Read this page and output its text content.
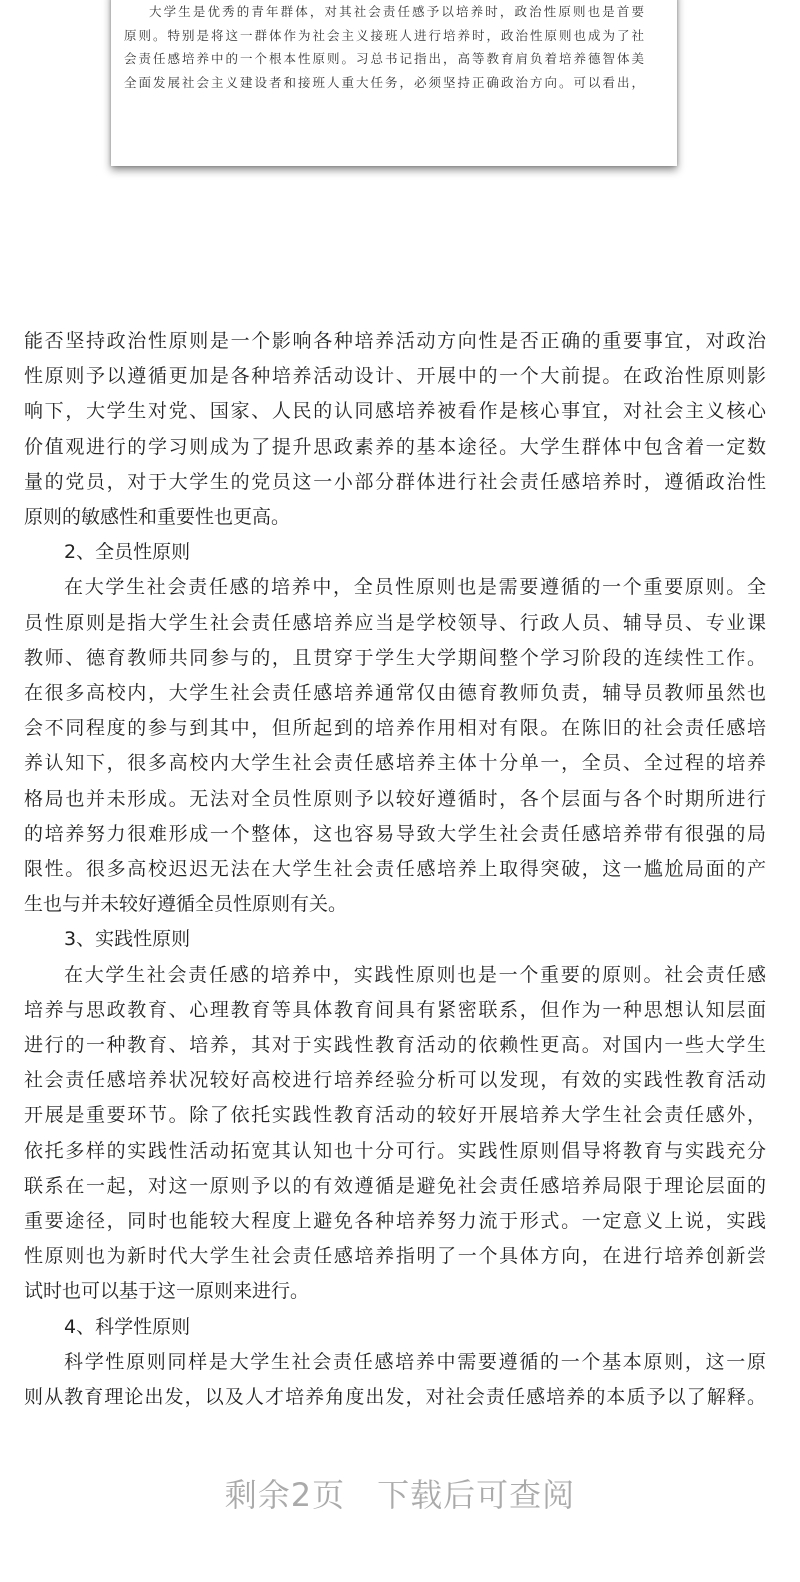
大学生是优秀的青年群体，对其社会责任感予以培养时，政治性原则也是首要
原则。特别是将这一群体作为社会主义接班人进行培养时，政治性原则也成为了社
会责任感培养中的一个根本性原则。习总书记指出，高等教育肩负着培养德智体美
全面发展社会主义建设者和接班人重大任务，必须坚持正确政治方向。可以看出，
能否坚持政治性原则是一个影响各种培养活动方向性是否正确的重要事宜，对政治
性原则予以遵循更加是各种培养活动设计、开展中的一个大前提。在政治性原则影
响下，大学生对党、国家、人民的认同感培养被看作是核心事宜，对社会主义核心
价值观进行的学习则成为了提升思政素养的基本途径。大学生群体中包含着一定数
量的党员，对于大学生的党员这一小部分群体进行社会责任感培养时，遵循政治性
原则的敏感性和重要性也更高。
2、全员性原则
在大学生社会责任感的培养中，全员性原则也是需要遵循的一个重要原则。全
员性原则是指大学生社会责任感培养应当是学校领导、行政人员、辅导员、专业课
教师、德育教师共同参与的，且贯穿于学生大学期间整个学习阶段的连续性工作。
在很多高校内，大学生社会责任感培养通常仅由德育教师负责，辅导员教师虽然也
会不同程度的参与到其中，但所起到的培养作用相对有限。在陈旧的社会责任感培
养认知下，很多高校内大学生社会责任感培养主体十分单一，全员、全过程的培养
格局也并未形成。无法对全员性原则予以较好遵循时，各个层面与各个时期所进行
的培养努力很难形成一个整体，这也容易导致大学生社会责任感培养带有很强的局
限性。很多高校迟迟无法在大学生社会责任感培养上取得突破，这一尴尬局面的产
生也与并未较好遵循全员性原则有关。
3、实践性原则
在大学生社会责任感的培养中，实践性原则也是一个重要的原则。社会责任感
培养与思政教育、心理教育等具体教育间具有紧密联系，但作为一种思想认知层面
进行的一种教育、培养，其对于实践性教育活动的依赖性更高。对国内一些大学生
社会责任感培养状况较好高校进行培养经验分析可以发现，有效的实践性教育活动
开展是重要环节。除了依托实践性教育活动的较好开展培养大学生社会责任感外，
依托多样的实践性活动拓宽其认知也十分可行。实践性原则倡导将教育与实践充分
联系在一起，对这一原则予以的有效遵循是避免社会责任感培养局限于理论层面的
重要途径，同时也能较大程度上避免各种培养努力流于形式。一定意义上说，实践
性原则也为新时代大学生社会责任感培养指明了一个具体方向，在进行培养创新尝
试时也可以基于这一原则来进行。
4、科学性原则
科学性原则同样是大学生社会责任感培养中需要遵循的一个基本原则，这一原
则从教育理论出发，以及人才培养角度出发，对社会责任感培养的本质予以了解释。
剩余2页 下载后可查阅
